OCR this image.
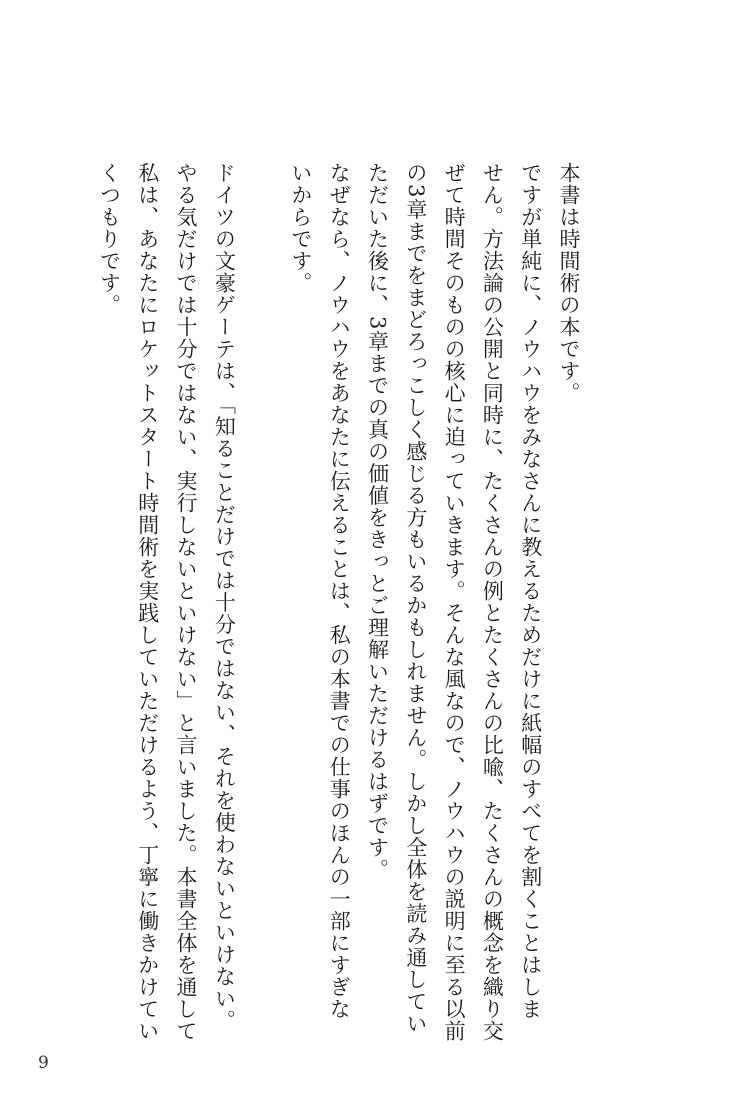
本書は時間術の本です。
ですが単純に、ノウハウをみなさんに教えるためだけに紙幅のすべてを割くことはしま
せん。方法論の公開と同時に、たくさんの例とたくさんの比喩、たくさんの概念を織り交
ぜて時間そのものの核心に迫っていきます。そんな風なので、ノウハウの説明に至る以前
の3章までをまどろっこしく感じる方もいるかもしれません。しかし全体を読み通してい
ただいた後に、3章までの真の価値をきっとご理解いただけるはずです。
なぜなら、ノウハウをあなたに伝えることは、私の本書での仕事のほんの一部にすぎな
いからです。
ドイツの文豪ゲーテは、「知ることだけでは十分ではない、それを使わないといけない。
やる気だけでは十分ではない、実行しないといけない」と言いました。本書全体を通して
私は、あなたにロケットスタート時間術を実践していただけるよう、丁寧に働きかけてい
くつもりです。
9
